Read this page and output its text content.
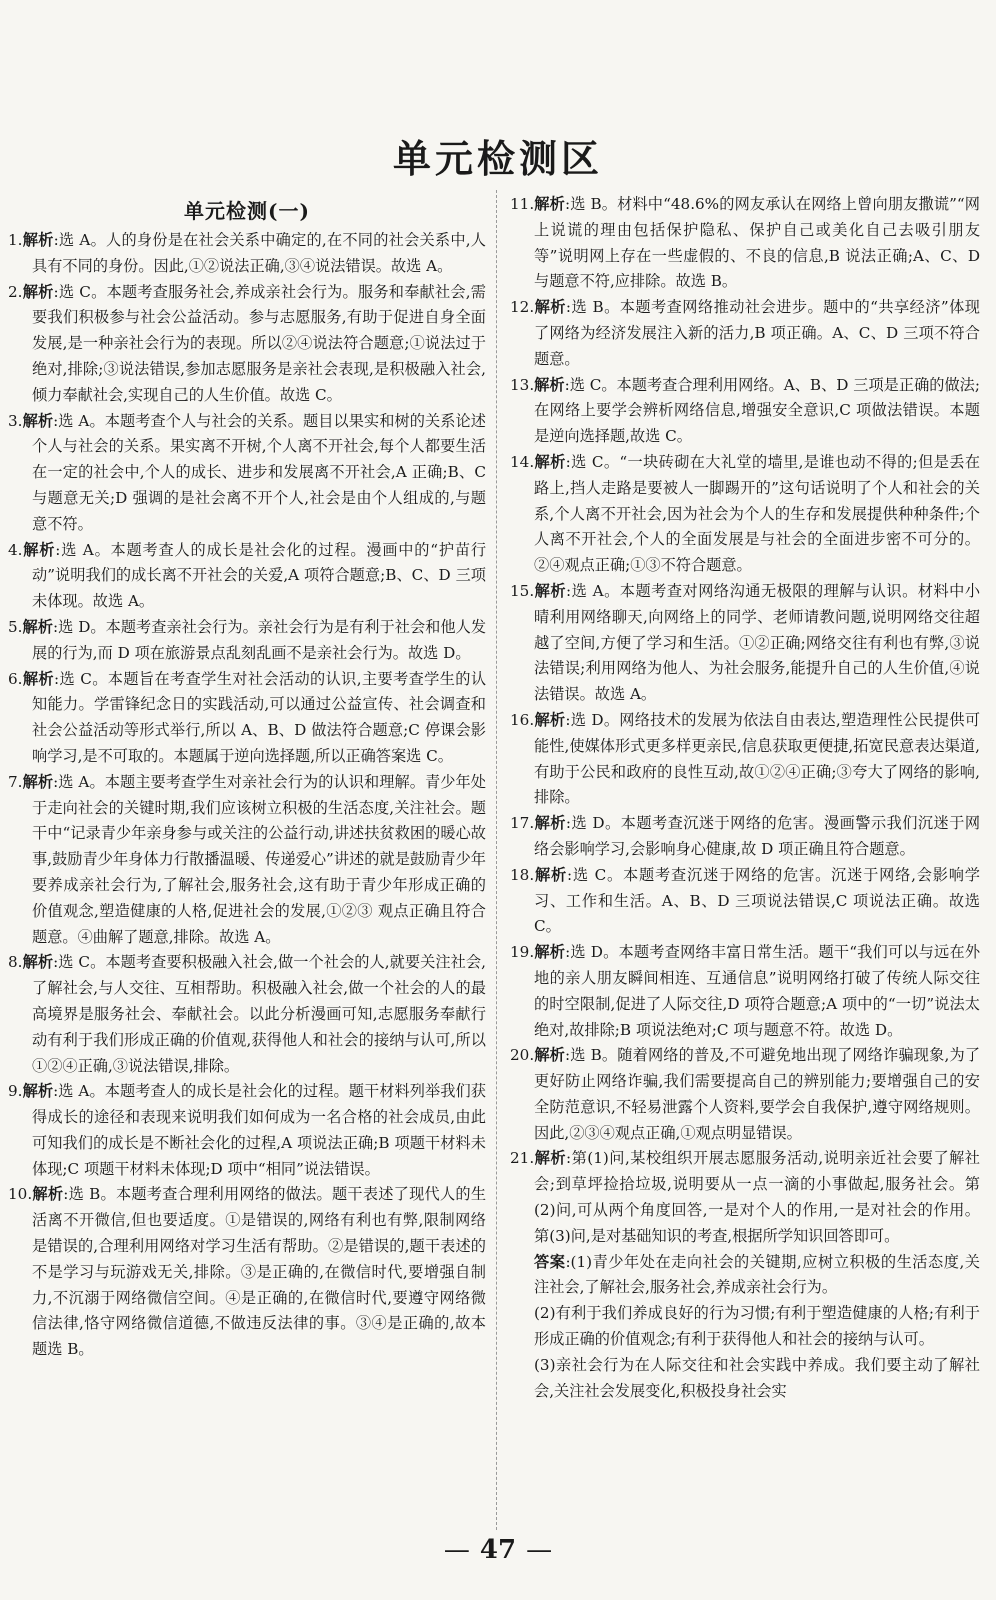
单元检测区
单元检测(一)

1.解析:选 A。人的身份是在社会关系中确定的,在不同的社会关系中,人具有不同的身份。因此,①②说法正确,③④说法错误。故选 A。

2.解析:选 C。本题考查服务社会,养成亲社会行为。服务和奉献社会,需要我们积极参与社会公益活动。参与志愿服务,有助于促进自身全面发展,是一种亲社会行为的表现。所以②④说法符合题意;①说法过于绝对,排除;③说法错误,参加志愿服务是亲社会表现,是积极融入社会,倾力奉献社会,实现自己的人生价值。故选 C。

3.解析:选 A。本题考查个人与社会的关系。题目以果实和树的关系论述个人与社会的关系。果实离不开树,个人离不开社会,每个人都要生活在一定的社会中,个人的成长、进步和发展离不开社会,A 正确;B、C 与题意无关;D 强调的是社会离不开个人,社会是由个人组成的,与题意不符。

4.解析:选 A。本题考查人的成长是社会化的过程。漫画中的“护苗行动”说明我们的成长离不开社会的关爱,A 项符合题意;B、C、D 三项未体现。故选 A。

5.解析:选 D。本题考查亲社会行为。亲社会行为是有利于社会和他人发展的行为,而 D 项在旅游景点乱刻乱画不是亲社会行为。故选 D。

6.解析:选 C。本题旨在考查学生对社会活动的认识,主要考查学生的认知能力。学雷锋纪念日的实践活动,可以通过公益宣传、社会调查和社会公益活动等形式举行,所以 A、B、D 做法符合题意;C 停课会影响学习,是不可取的。本题属于逆向选择题,所以正确答案选 C。

7.解析:选 A。本题主要考查学生对亲社会行为的认识和理解。青少年处于走向社会的关键时期,我们应该树立积极的生活态度,关注社会。题干中“记录青少年亲身参与或关注的公益行动,讲述扶贫救困的暖心故事,鼓励青少年身体力行散播温暖、传递爱心”讲述的就是鼓励青少年要养成亲社会行为,了解社会,服务社会,这有助于青少年形成正确的价值观念,塑造健康的人格,促进社会的发展,①②③ 观点正确且符合题意。④曲解了题意,排除。故选 A。

8.解析:选 C。本题考查要积极融入社会,做一个社会的人,就要关注社会,了解社会,与人交往、互相帮助。积极融入社会,做一个社会的人的最高境界是服务社会、奉献社会。以此分析漫画可知,志愿服务奉献行动有利于我们形成正确的价值观,获得他人和社会的接纳与认可,所以①②④正确,③说法错误,排除。

9.解析:选 A。本题考查人的成长是社会化的过程。题干材料列举我们获得成长的途径和表现来说明我们如何成为一名合格的社会成员,由此可知我们的成长是不断社会化的过程,A 项说法正确;B 项题干材料未体现;C 项题干材料未体现;D 项中“相同”说法错误。

10.解析:选 B。本题考查合理利用网络的做法。题干表述了现代人的生活离不开微信,但也要适度。①是错误的,网络有利也有弊,限制网络是错误的,合理利用网络对学习生活有帮助。②是错误的,题干表述的不是学习与玩游戏无关,排除。③是正确的,在微信时代,要增强自制力,不沉溺于网络微信空间。④是正确的,在微信时代,要遵守网络微信法律,恪守网络微信道德,不做违反法律的事。③④是正确的,故本题选 B。

11.解析:选 B。材料中“48.6%的网友承认在网络上曾向朋友撒谎”“网上说谎的理由包括保护隐私、保护自己或美化自己去吸引朋友等”说明网上存在一些虚假的、不良的信息,B 说法正确;A、C、D 与题意不符,应排除。故选 B。

12.解析:选 B。本题考查网络推动社会进步。题中的“共享经济”体现了网络为经济发展注入新的活力,B 项正确。A、C、D 三项不符合题意。

13.解析:选 C。本题考查合理利用网络。A、B、D 三项是正确的做法;在网络上要学会辨析网络信息,增强安全意识,C 项做法错误。本题是逆向选择题,故选 C。

14.解析:选 C。“一块砖砌在大礼堂的墙里,是谁也动不得的;但是丢在路上,挡人走路是要被人一脚踢开的”这句话说明了个人和社会的关系,个人离不开社会,因为社会为个人的生存和发展提供种种条件;个人离不开社会,个人的全面发展是与社会的全面进步密不可分的。②④观点正确;①③不符合题意。

15.解析:选 A。本题考查对网络沟通无极限的理解与认识。材料中小晴利用网络聊天,向网络上的同学、老师请教问题,说明网络交往超越了空间,方便了学习和生活。①②正确;网络交往有利也有弊,③说法错误;利用网络为他人、为社会服务,能提升自己的人生价值,④说法错误。故选 A。

16.解析:选 D。网络技术的发展为依法自由表达,塑造理性公民提供可能性,使媒体形式更多样更亲民,信息获取更便捷,拓宽民意表达渠道,有助于公民和政府的良性互动,故①②④正确;③夸大了网络的影响,排除。

17.解析:选 D。本题考查沉迷于网络的危害。漫画警示我们沉迷于网络会影响学习,会影响身心健康,故 D 项正确且符合题意。

18.解析:选 C。本题考查沉迷于网络的危害。沉迷于网络,会影响学习、工作和生活。A、B、D 三项说法错误,C 项说法正确。故选 C。

19.解析:选 D。本题考查网络丰富日常生活。题干“我们可以与远在外地的亲人朋友瞬间相连、互通信息”说明网络打破了传统人际交往的时空限制,促进了人际交往,D 项符合题意;A 项中的“一切”说法太绝对,故排除;B 项说法绝对;C 项与题意不符。故选 D。

20.解析:选 B。随着网络的普及,不可避免地出现了网络诈骗现象,为了更好防止网络诈骗,我们需要提高自己的辨别能力;要增强自己的安全防范意识,不轻易泄露个人资料,要学会自我保护,遵守网络规则。因此,②③④观点正确,①观点明显错误。

21.解析:第(1)问,某校组织开展志愿服务活动,说明亲近社会要了解社会;到草坪捡拾垃圾,说明要从一点一滴的小事做起,服务社会。第(2)问,可从两个角度回答,一是对个人的作用,一是对社会的作用。第(3)问,是对基础知识的考查,根据所学知识回答即可。

答案:(1)青少年处在走向社会的关键期,应树立积极的生活态度,关注社会,了解社会,服务社会,养成亲社会行为。

(2)有利于我们养成良好的行为习惯;有利于塑造健康的人格;有利于形成正确的价值观念;有利于获得他人和社会的接纳与认可。

(3)亲社会行为在人际交往和社会实践中养成。我们要主动了解社会,关注社会发展变化,积极投身社会实

— 47 —
